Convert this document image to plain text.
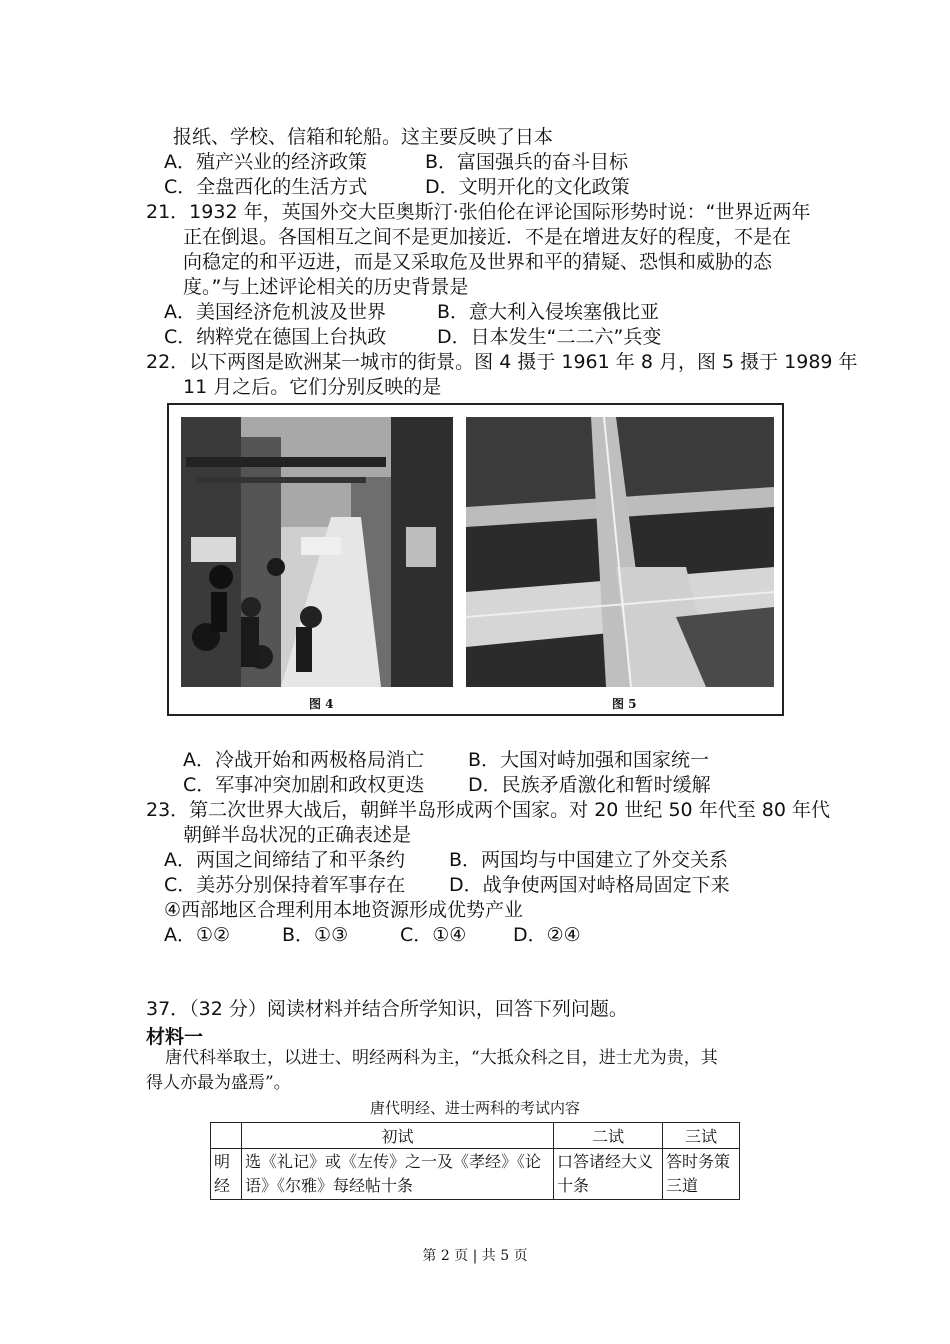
报纸、学校、信箱和轮船。这主要反映了日本
A．殖产兴业的经济政策	B．富国强兵的奋斗目标
C．全盘西化的生活方式	D．文明开化的文化政策
21．1932 年，英国外交大臣奥斯汀·张伯伦在评论国际形势时说：“世界近两年
正在倒退。各国相互之间不是更加接近．不是在增进友好的程度，不是在
向稳定的和平迈进，而是又采取危及世界和平的猜疑、恐惧和威胁的态
度。”与上述评论相关的历史背景是
A．美国经济危机波及世界	B．意大利入侵埃塞俄比亚
C．纳粹党在德国上台执政	D．日本发生“二二六”兵变
22．以下两图是欧洲某一城市的街景。图 4 摄于 1961 年 8 月，图 5 摄于 1989 年
11 月之后。它们分别反映的是
图 4	图 5
A．冷战开始和两极格局消亡 B．大国对峙加强和国家统一
C．军事冲突加剧和政权更迭 D．民族矛盾激化和暂时缓解
23．第二次世界大战后，朝鲜半岛形成两个国家。对 20 世纪 50 年代至 80 年代
朝鲜半岛状况的正确表述是
A．两国之间缔结了和平条约 B．两国均与中国建立了外交关系
C．美苏分别保持着军事存在 D．战争使两国对峙格局固定下来
④西部地区合理利用本地资源形成优势产业
A．①②	B．①③	C．①④ D．②④
37．（32 分）阅读材料并结合所学知识，回答下列问题。
材料一
唐代科举取士，以进士、明经两科为主，“大抵众科之目，进士尤为贵，其
得人亦最为盛焉”。
唐代明经、进士两科的考试内容
	初试	二试	三试
明经	选《礼记》或《左传》之一及《孝经》《论语》《尔雅》每经帖十条	口答诸经大义十条	答时务策三道
第 2 页 | 共 5 页
